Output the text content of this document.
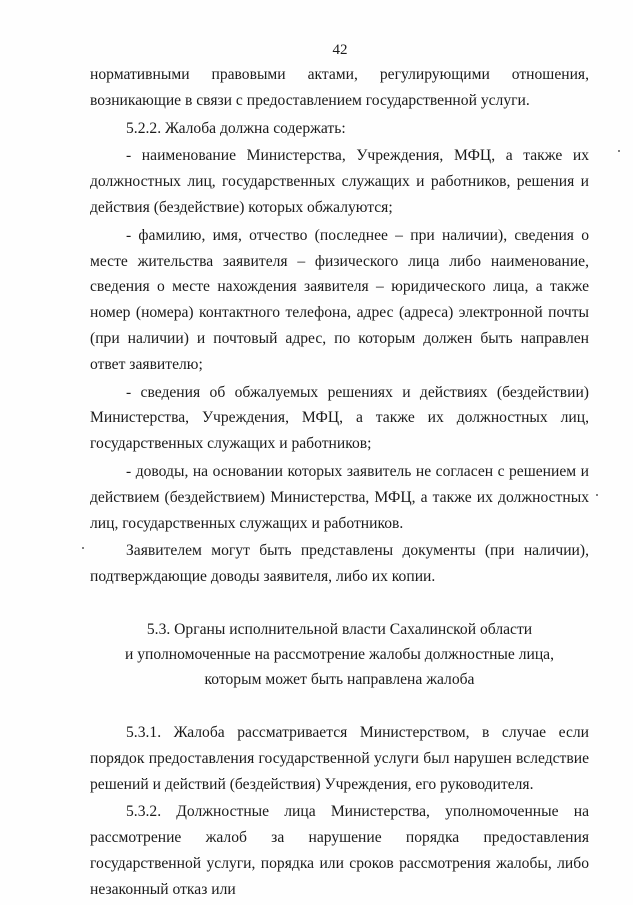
42

нормативными правовыми актами, регулирующими отношения, возникающие в связи с предоставлением государственной услуги.

5.2.2. Жалоба должна содержать:

- наименование Министерства, Учреждения, МФЦ, а также их должностных лиц, государственных служащих и работников, решения и действия (бездействие) которых обжалуются;

- фамилию, имя, отчество (последнее – при наличии), сведения о месте жительства заявителя – физического лица либо наименование, сведения о месте нахождения заявителя – юридического лица, а также номер (номера) контактного телефона, адрес (адреса) электронной почты (при наличии) и почтовый адрес, по которым должен быть направлен ответ заявителю;

- сведения об обжалуемых решениях и действиях (бездействии) Министерства, Учреждения, МФЦ, а также их должностных лиц, государственных служащих и работников;

- доводы, на основании которых заявитель не согласен с решением и действием (бездействием) Министерства, МФЦ, а также их должностных лиц, государственных служащих и работников.

Заявителем могут быть представлены документы (при наличии), подтверждающие доводы заявителя, либо их копии.

5.3. Органы исполнительной власти Сахалинской области

и уполномоченные на рассмотрение жалобы должностные лица,

которым может быть направлена жалоба

5.3.1. Жалоба рассматривается Министерством, в случае если порядок предоставления государственной услуги был нарушен вследствие решений и действий (бездействия) Учреждения, его руководителя.

5.3.2. Должностные лица Министерства, уполномоченные на рассмотрение жалоб за нарушение порядка предоставления государственной услуги, порядка или сроков рассмотрения жалобы, либо незаконный отказ или
